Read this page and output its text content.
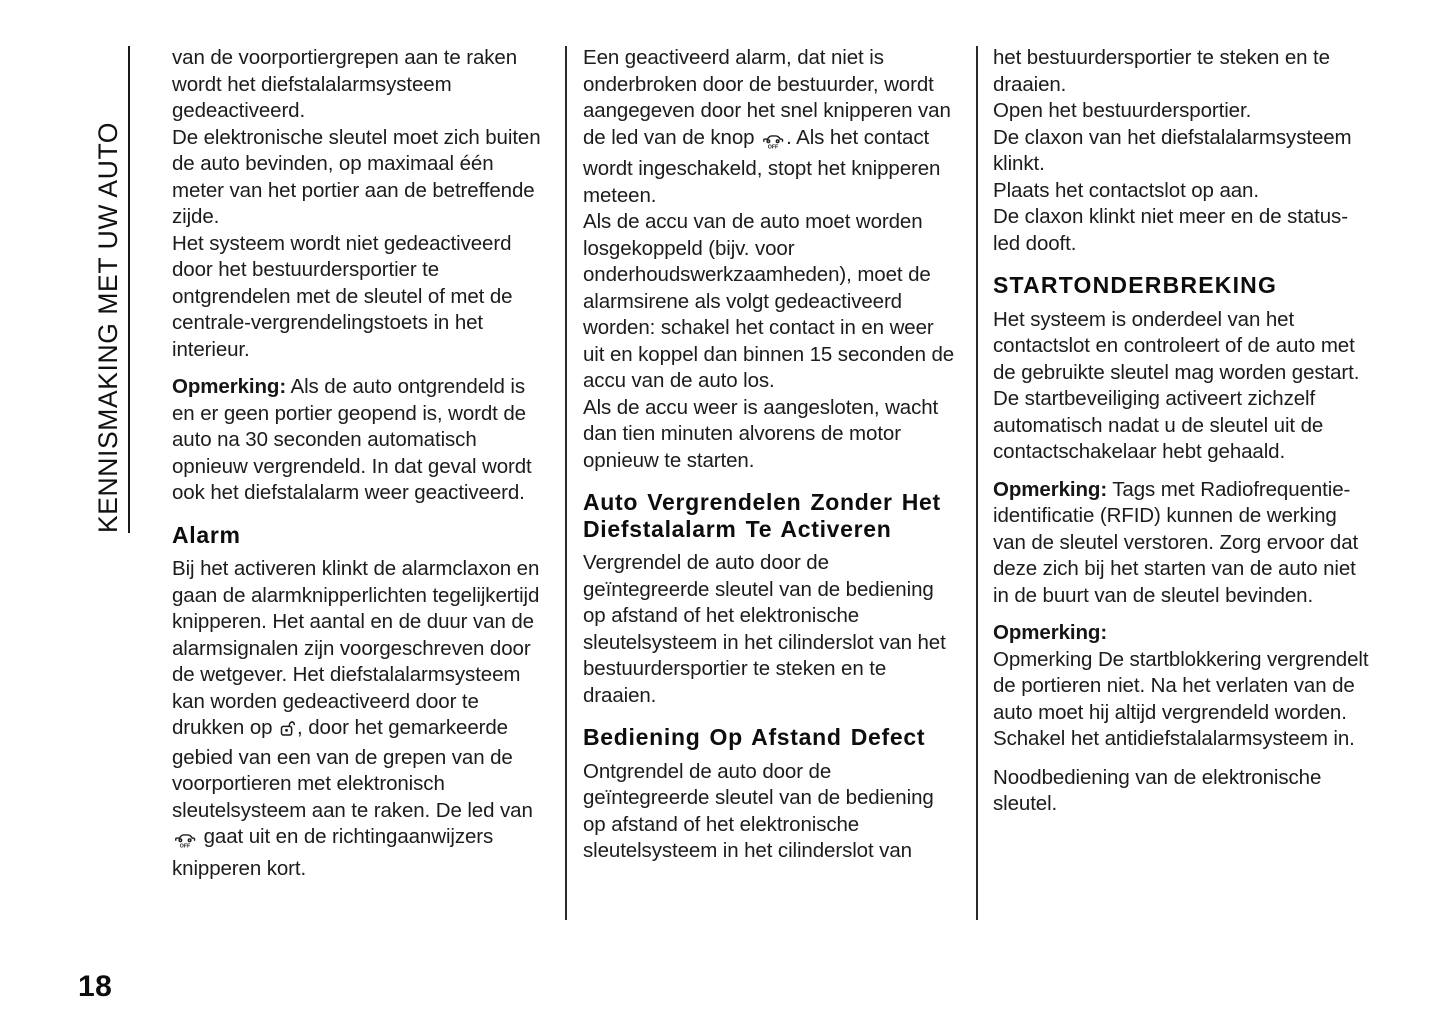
KENNISMAKING MET UW AUTO

van de voorportiergrepen aan te raken wordt het diefstalalarmsysteem gedeactiveerd.

De elektronische sleutel moet zich buiten de auto bevinden, op maximaal één meter van het portier aan de betreffende zijde.

Het systeem wordt niet gedeactiveerd door het bestuurdersportier te ontgrendelen met de sleutel of met de centrale-vergrendelingstoets in het interieur.

Opmerking: Als de auto ontgrendeld is en er geen portier geopend is, wordt de auto na 30 seconden automatisch opnieuw vergrendeld. In dat geval wordt ook het diefstalalarm weer geactiveerd.

Alarm

Bij het activeren klinkt de alarmclaxon en gaan de alarmknipperlichten tegelijkertijd knipperen. Het aantal en de duur van de alarmsignalen zijn voorgeschreven door de wetgever. Het diefstalalarmsysteem kan worden gedeactiveerd door te drukken op , door het gemarkeerde gebied van een van de grepen van de voorportieren met elektronisch sleutelsysteem aan te raken. De led van
OFF gaat uit en de richtingaanwijzers knipperen kort.

Een geactiveerd alarm, dat niet is onderbroken door de bestuurder, wordt aangegeven door het snel knipperen van de led van de knop OFF . Als het contact wordt ingeschakeld, stopt het knipperen meteen.

Als de accu van de auto moet worden losgekoppeld (bijv. voor onderhoudswerkzaamheden), moet de alarmsirene als volgt gedeactiveerd worden: schakel het contact in en weer uit en koppel dan binnen 15 seconden de accu van de auto los.

Als de accu weer is aangesloten, wacht dan tien minuten alvorens de motor opnieuw te starten.

Auto Vergrendelen Zonder Het Diefstalalarm Te Activeren

Vergrendel de auto door de geïntegreerde sleutel van de bediening op afstand of het elektronische sleutelsysteem in het cilinderslot van het bestuurdersportier te steken en te draaien.

Bediening Op Afstand Defect

Ontgrendel de auto door de geïntegreerde sleutel van de bediening op afstand of het elektronische sleutelsysteem in het cilinderslot van

het bestuurdersportier te steken en te draaien.

Open het bestuurdersportier.

De claxon van het diefstalalarmsysteem klinkt.

Plaats het contactslot op aan.

De claxon klinkt niet meer en de status-led dooft.

STARTONDERBREKING

Het systeem is onderdeel van het contactslot en controleert of de auto met de gebruikte sleutel mag worden gestart.

De startbeveiliging activeert zichzelf automatisch nadat u de sleutel uit de contactschakelaar hebt gehaald.

Opmerking: Tags met Radiofrequentie-identificatie (RFID) kunnen de werking van de sleutel verstoren. Zorg ervoor dat deze zich bij het starten van de auto niet in de buurt van de sleutel bevinden.

Opmerking:
Opmerking De startblokkering vergrendelt de portieren niet. Na het verlaten van de auto moet hij altijd vergrendeld worden.
Schakel het antidiefstalalarmsysteem in.

Noodbediening van de elektronische sleutel.

18
